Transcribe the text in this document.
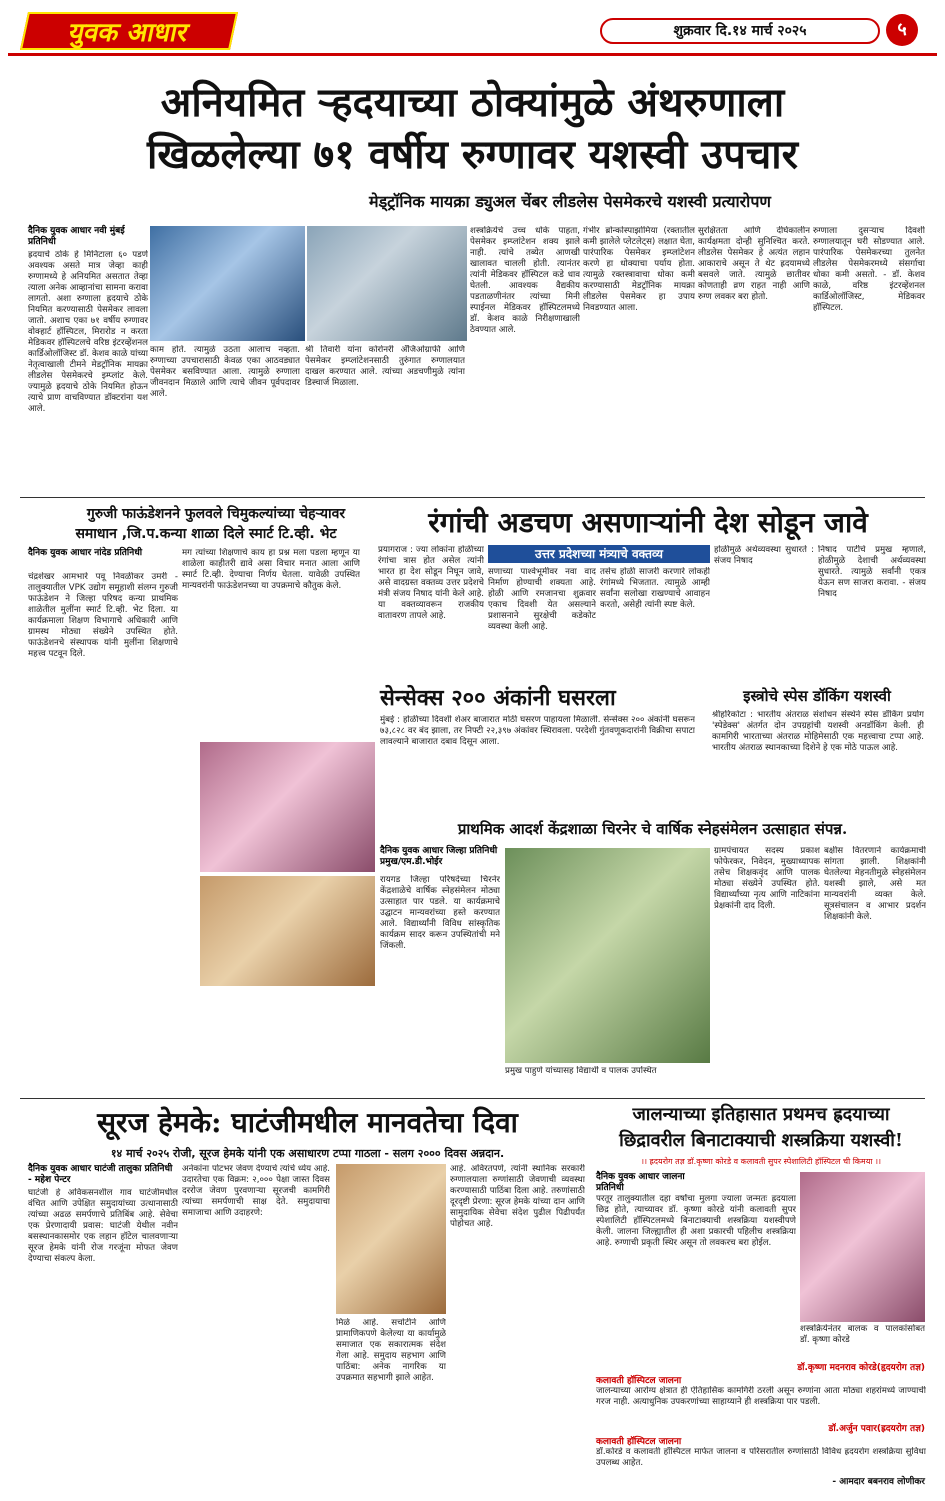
युवक आधार	शुक्रवार दि.१४ मार्च २०२५	५
अनियमित ऱ्हदयाच्या ठोक्यांमुळे अंथरुणाला
खिळलेल्या ७१ वर्षीय रुग्णावर यशस्वी उपचार
मेड्ट्रॉनिक मायक्रा ड्युअल चेंबर लीडलेस पेसमेकरचे यशस्वी प्रत्यारोपण
दैनिक युवक आधार नवी मुंबई प्रतिनिधी
ह्रदयाचे ठोके हे मिनिटाला ६० पडणे अवश्यक असते मात्र जेव्हा काही रुग्णामध्ये हे अनियमित असतात तेव्हा त्याला अनेक आव्हानांचा सामना करावा लागतो. अशा रुग्णाला ह्रदयाचे ठोके नियमित करण्यासाठी पेसमेकर लावला जातो. अशाच एका ७१ वर्षीय रुग्णावर वोक्हार्ट हॉस्पिटल, मिरारोड न करता मेडिकवर हॉस्पिटलचे वरिष्ठ इंटरव्हेंशनल कार्डिओलॉजिस्ट डॉ. केशव काळे यांच्या नेतृत्वाखाली टीमने मेडट्रॉनिक मायक्रा लीडलेस पेसमेकरचे इम्प्लांट केले. ज्यामुळे ह्रदयाचे ठोके नियमित होऊन त्याचे प्राण वाचविण्यात डॉक्टरांना यश आले.
काम होते. त्यामुळे उठता आलाच नव्हता. रुग्णाच्या उपचारासाठी केवळ एका आठवड्यात पेसमेकर बसविण्यात आला. त्यामुळे रुग्णाला जीवनदान मिळाले आणि त्याचे जीवन पूर्वपदावर आले.
श्री तिवारी यांना कोरोनरी अँजिओग्राफी आणि पेसमेकर इम्प्लांटेशनसाठी तुरुंगात रुग्णालयात दाखल करण्यात आले. त्यांच्या अडचणीमुळे त्यांना डिस्चार्ज मिळाला.
शस्त्रक्रियेचे उच्च धोके पाहता, पेसमेकर इम्प्लांटेशन शक्य झाले नाही. त्यांचे तब्येत आणखी खालावत चालली होती. त्यानंतर त्यांनी मेडिकवर हॉस्पिटल कडे धाव घेतली. आवश्यक वैद्यकीय पडताळणीनंतर त्यांच्या मिनी स्पाईनल मेडिकवर हॉस्पिटलमध्ये डॉ. केशव काळे निरीक्षणाखाली ठेवण्यात आले.
गंभीर ब्रोन्कोस्पाझोमिया (रक्तातील कमी झालेले प्लेटलेट्स) लक्षात घेता, पारंपारिक पेसमेकर इम्प्लांटेशन करणे हा धोक्याचा पर्याय होता. त्यामुळे रक्तस्त्रावाचा धोका कमी करण्यासाठी मेडट्रॉनिक मायक्रा लीडलेस पेसमेकर हा उपाय निवडण्यात आला.
सुरक्षितता आणि दीर्घकालीन कार्यक्षमता दोन्ही सुनिश्चित करते. लीडलेस पेसमेकर हे अत्यंत लहान आकाराचे असून ते थेट ह्रदयामध्ये बसवले जाते. त्यामुळे छातीवर कोणताही व्रण राहत नाही आणि रुग्ण लवकर बरा होतो.
रुग्णाला दुसऱ्याच दिवशी रुग्णालयातून घरी सोडण्यात आले. पारंपारिक पेसमेकरच्या तुलनेत लीडलेस पेसमेकरमध्ये संसर्गाचा धोका कमी असतो. - डॉ. केशव काळे, वरिष्ठ इंटरव्हेंशनल कार्डिओलॉजिस्ट, मेडिकवर हॉस्पिटल.
गुरुजी फाऊंडेशनने फुलवले चिमुकल्यांच्या चेहऱ्यावर
समाधान ,जि.प.कन्या शाळा दिले स्मार्ट टि.व्ही. भेट
दैनिक युवक आधार नांदेड प्रतिनिधी
चंद्रशेखर आमभारे पवू निवळीकर उमरी - तालुक्यातील VPK उद्योग समूहाशी संलग्न गुरुजी फाऊंडेशन ने जिल्हा परिषद कन्या प्राथमिक शाळेतील मुलींना स्मार्ट टि.व्ही. भेट दिला. या कार्यक्रमाला शिक्षण विभागाचे अधिकारी आणि ग्रामस्थ मोठ्या संख्येने उपस्थित होते. फाऊंडेशनचे संस्थापक यांनी मुलींना शिक्षणाचे महत्त्व पटवून दिले.
मग त्यांच्या शिक्षणाचे काय हा प्रश्न मला पडला म्हणून या शाळेला काहीतरी द्यावे असा विचार मनात आला आणि स्मार्ट टि.व्ही. देण्याचा निर्णय घेतला. यावेळी उपस्थित मान्यवरांनी फाऊंडेशनच्या या उपक्रमाचे कौतुक केले.
रंगांची अडचण असणाऱ्यांनी देश सोडून जावे
उत्तर प्रदेशच्या मंत्र्याचे वक्तव्य
प्रयागराज : ज्या लोकांना होळीच्या रंगांचा त्रास होत असेल त्यांनी भारत हा देश सोडून निघून जावे, असे वादग्रस्त वक्तव्य उत्तर प्रदेशचे मंत्री संजय निषाद यांनी केले आहे. या वक्तव्यावरून राजकीय वातावरण तापले आहे.
सणाच्या पार्श्वभूमीवर नवा वाद निर्माण होण्याची शक्यता आहे. होळी आणि रमजानचा शुक्रवार एकाच दिवशी येत असल्याने प्रशासनाने सुरक्षेची कडेकोट व्यवस्था केली आहे.
तसेच होळी साजरी करणारे लोकही रंगांमध्ये भिजतात. त्यामुळे आम्ही सर्वांना सलोखा राखण्याचे आवाहन करतो, असेही त्यांनी स्पष्ट केले.
होळीमुळे अर्थव्यवस्था सुधारते : संजय निषाद
निषाद पार्टीचे प्रमुख म्हणाले, होळीमुळे देशाची अर्थव्यवस्था सुधारते. त्यामुळे सर्वांनी एकत्र येऊन सण साजरा करावा. - संजय निषाद
सेन्सेक्स २०० अंकांनी घसरला
मुंबई : होळीच्या दिवशी शेअर बाजारात मोठी घसरण पाहायला मिळाली. सेन्सेक्स २०० अंकांनी घसरून ७३,८२८ वर बंद झाला, तर निफ्टी २२,३९७ अंकांवर स्थिरावला. परदेशी गुंतवणूकदारांनी विक्रीचा सपाटा लावल्याने बाजारात दबाव दिसून आला.
इस्त्रोचे स्पेस डॉकिंग यशस्वी
श्रीहरिकोटा : भारतीय अंतराळ संशोधन संस्थेने स्पेस डॉकिंग प्रयोग 'स्पेडेक्स' अंतर्गत दोन उपग्रहांची यशस्वी अनडॉकिंग केली. ही कामगिरी भारताच्या अंतराळ मोहिमेसाठी एक महत्त्वाचा टप्पा आहे. भारतीय अंतराळ स्थानकाच्या दिशेने हे एक मोठे पाऊल आहे.
प्राथमिक आदर्श केंद्रशाळा चिरनेर चे वार्षिक स्नेहसंमेलन उत्साहात संपन्न.
दैनिक युवक आधार जिल्हा प्रतिनिधी प्रमुख/एम.डी.भोईर
रायगड जिल्हा परिषदेच्या चिरनेर केंद्रशाळेचे वार्षिक स्नेहसंमेलन मोठ्या उत्साहात पार पडले. या कार्यक्रमाचे उद्घाटन मान्यवरांच्या हस्ते करण्यात आले. विद्यार्थ्यांनी विविध सांस्कृतिक कार्यक्रम सादर करून उपस्थितांची मने जिंकली.
प्रमुख पाहुणे यांच्यासह विद्यार्थी व पालक उपस्थित
ग्रामपंचायत सदस्य प्रकाश फोफेरकर, निवेदन, मुख्याध्यापक तसेच शिक्षकवृंद आणि पालक मोठ्या संख्येने उपस्थित होते. विद्यार्थ्यांच्या नृत्य आणि नाटिकांना प्रेक्षकांनी दाद दिली.
बक्षीस वितरणाने कार्यक्रमाची सांगता झाली. शिक्षकांनी घेतलेल्या मेहनतीमुळे स्नेहसंमेलन यशस्वी झाले, असे मत मान्यवरांनी व्यक्त केले. सूत्रसंचालन व आभार प्रदर्शन शिक्षकांनी केले.
सूरज हेमके: घाटंजीमधील मानवतेचा दिवा
१४ मार्च २०२५ रोजी, सूरज हेमके यांनी एक असाधारण टप्पा गाठला - सलग २००० दिवस अन्नदान.
दैनिक युवक आधार घाटंजी तालुका प्रतिनिधी - महेश पेन्टर
घाटंजी हे अविकसनशील गाव घाटंजीमधील वंचित आणि उपेक्षित समुदायांच्या उत्थानासाठी त्यांच्या अढळ समर्पणाचे प्रतिबिंब आहे. सेवेचा एक प्रेरणादायी प्रवास: घाटंजी येथील नवीन बसस्थानकासमोर एक लहान हॉटेल चालवणाऱ्या सूरज हेमके यांनी रोज गरजूंना मोफत जेवण देण्याचा संकल्प केला.
अनेकांना पोटभर जेवण देण्याचे त्यांचे ध्येय आहे. उदारतेचा एक विक्रम: २,००० पेक्षा जास्त दिवस दररोज जेवण पुरवणाऱ्या सूरजची कामगिरी त्यांच्या समर्पणाची साक्ष देते. समुदायाचा समाजाचा आणि उदाहरणे:
मिळे आहे. सचोटीने आणि प्रामाणिकपणे केलेल्या या कार्यामुळे समाजात एक सकारात्मक संदेश गेला आहे. समुदाय सहभाग आणि पाठिंबा: अनेक नागरिक या उपक्रमात सहभागी झाले आहेत.
आहे. अविरतपणे, त्यांनी स्थानिक सरकारी रुग्णालयाला रुग्णांसाठी जेवणाची व्यवस्था करण्यासाठी पाठिंबा दिला आहे. तरुणांसाठी दूरदृष्टी प्रेरणा: सूरज हेमके यांच्या दान आणि सामुदायिक सेवेचा संदेश पुढील पिढीपर्यंत पोहोचत आहे.
जालन्याच्या इतिहासात प्रथमच ह्रदयाच्या
छिद्रावरील बिनाटाक्याची शस्त्रक्रिया यशस्वी!
।। ह्रदयरोग तज्ञ डॉ.कृष्णा कोरडे व कलावती सुपर स्पेशालिटी हॉस्पिटल ची किमया ।।
दैनिक युवक आधार जालना प्रतिनिधी
परतूर तालुक्यातील दहा वर्षांचा मुलगा ज्याला जन्मतः ह्रदयाला छिद्र होते, त्याच्यावर डॉ. कृष्णा कोरडे यांनी कलावती सुपर स्पेशालिटी हॉस्पिटलमध्ये बिनाटाक्याची शस्त्रक्रिया यशस्वीपणे केली. जालना जिल्ह्यातील ही अशा प्रकारची पहिलीच शस्त्रक्रिया आहे. रुग्णाची प्रकृती स्थिर असून तो लवकरच बरा होईल.
शस्त्रक्रियेनंतर बालक व पालकांसोबत डॉ. कृष्णा कोरडे
डॉ.कृष्णा मदनराव कोरडे(हृदयरोग तज्ञ)
कलावती हॉस्पिटल जालना
जालन्याच्या आरोग्य क्षेत्रात ही ऐतिहासिक कामगिरी ठरली असून रुग्णांना आता मोठ्या शहरांमध्ये जाण्याची गरज नाही. अत्याधुनिक उपकरणांच्या साहाय्याने ही शस्त्रक्रिया पार पडली.
डॉ.अर्जुन पवार(ह्रदयरोग तज्ञ)
कलावती हॉस्पिटल जालना
डॉ.कोरडे व कलावती हॉस्पिटल मार्फत जालना व परिसरातील रुग्णांसाठी विविध ह्रदयरोग शस्त्रक्रिया सुविधा उपलब्ध आहेत.
- आमदार बबनराव लोणीकर
